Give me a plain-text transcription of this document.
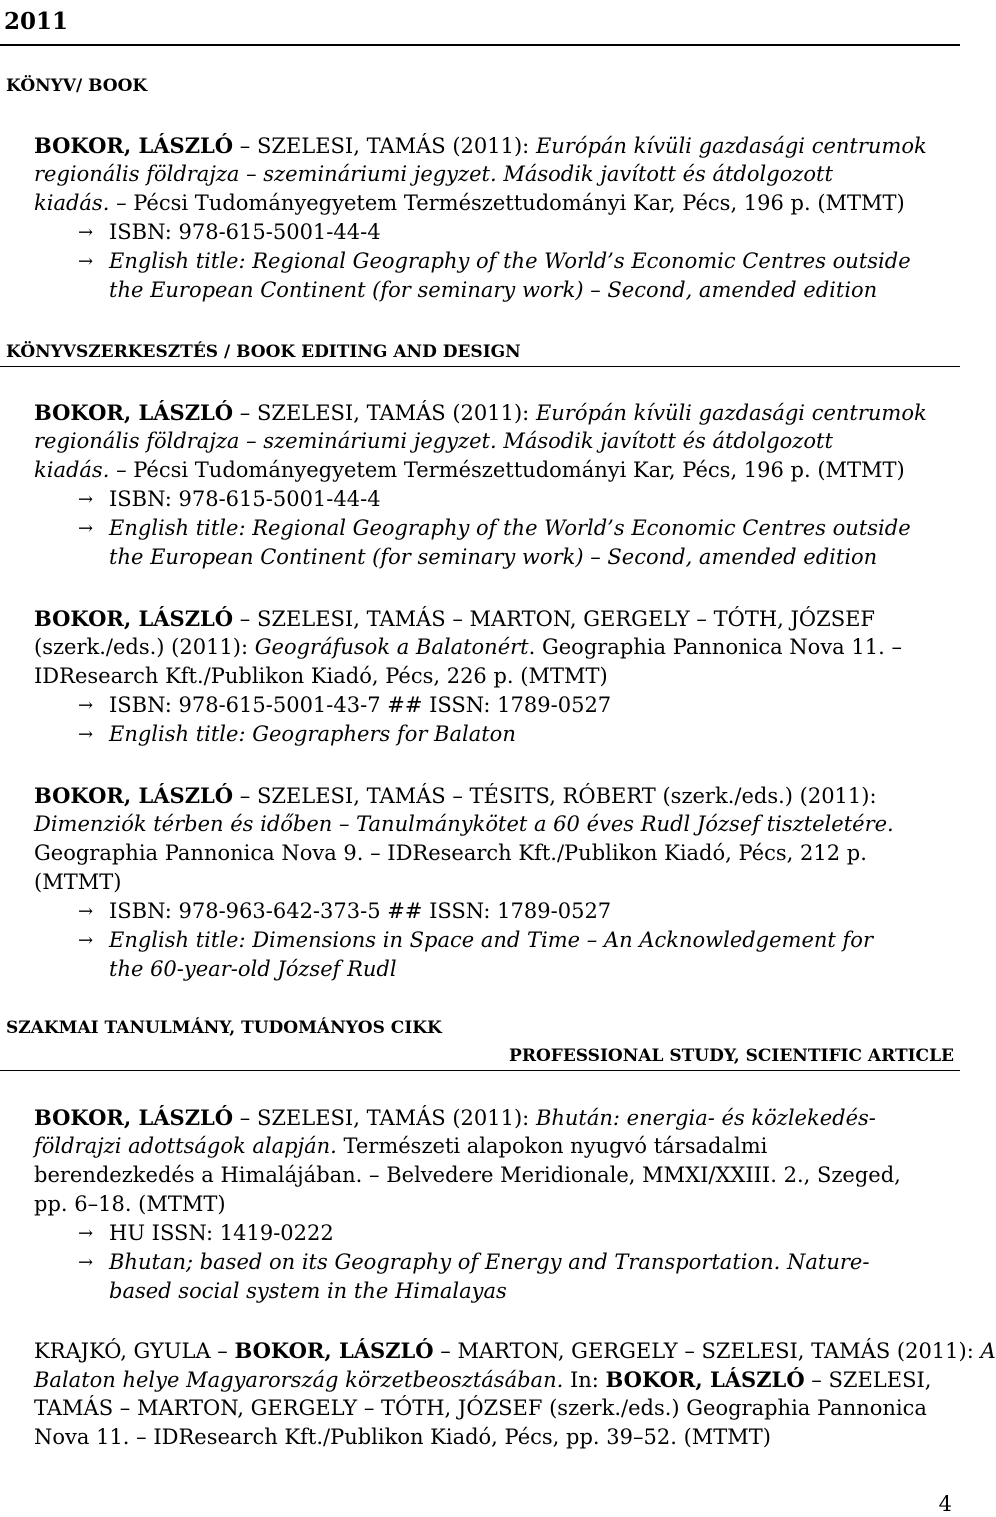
2011
KÖNYV/ BOOK
BOKOR, LÁSZLÓ – SZELESI, TAMÁS (2011): Európán kívüli gazdasági centrumok
regionális földrajza – szemináriumi jegyzet. Második javított és átdolgozott
kiadás. – Pécsi Tudományegyetem Természettudományi Kar, Pécs, 196 p. (MTMT)
→ ISBN: 978-615-5001-44-4
→ English title: Regional Geography of the World’s Economic Centres outside
the European Continent (for seminary work) – Second, amended edition
KÖNYVSZERKESZTÉS / BOOK EDITING AND DESIGN
BOKOR, LÁSZLÓ – SZELESI, TAMÁS (2011): Európán kívüli gazdasági centrumok
regionális földrajza – szemináriumi jegyzet. Második javított és átdolgozott
kiadás. – Pécsi Tudományegyetem Természettudományi Kar, Pécs, 196 p. (MTMT)
→ ISBN: 978-615-5001-44-4
→ English title: Regional Geography of the World’s Economic Centres outside
the European Continent (for seminary work) – Second, amended edition
BOKOR, LÁSZLÓ – SZELESI, TAMÁS – MARTON, GERGELY – TÓTH, JÓZSEF
(szerk./eds.) (2011): Geográfusok a Balatonért. Geographia Pannonica Nova 11. –
IDResearch Kft./Publikon Kiadó, Pécs, 226 p. (MTMT)
→ ISBN: 978-615-5001-43-7 ## ISSN: 1789-0527
→ English title: Geographers for Balaton
BOKOR, LÁSZLÓ – SZELESI, TAMÁS – TÉSITS, RÓBERT (szerk./eds.) (2011):
Dimenziók térben és időben – Tanulmánykötet a 60 éves Rudl József tiszteletére.
Geographia Pannonica Nova 9. – IDResearch Kft./Publikon Kiadó, Pécs, 212 p.
(MTMT)
→ ISBN: 978-963-642-373-5 ## ISSN: 1789-0527
→ English title: Dimensions in Space and Time – An Acknowledgement for
the 60-year-old József Rudl
SZAKMAI TANULMÁNY, TUDOMÁNYOS CIKK
PROFESSIONAL STUDY, SCIENTIFIC ARTICLE
BOKOR, LÁSZLÓ – SZELESI, TAMÁS (2011): Bhután: energia- és közlekedés-
földrajzi adottságok alapján. Természeti alapokon nyugvó társadalmi
berendezkedés a Himalájában. – Belvedere Meridionale, MMXI/XXIII. 2., Szeged,
pp. 6–18. (MTMT)
→ HU ISSN: 1419-0222
→ Bhutan; based on its Geography of Energy and Transportation. Nature-
based social system in the Himalayas
KRAJKÓ, GYULA – BOKOR, LÁSZLÓ – MARTON, GERGELY – SZELESI, TAMÁS (2011): A
Balaton helye Magyarország körzetbeosztásában. In: BOKOR, LÁSZLÓ – SZELESI,
TAMÁS – MARTON, GERGELY – TÓTH, JÓZSEF (szerk./eds.) Geographia Pannonica
Nova 11. – IDResearch Kft./Publikon Kiadó, Pécs, pp. 39–52. (MTMT)
4
